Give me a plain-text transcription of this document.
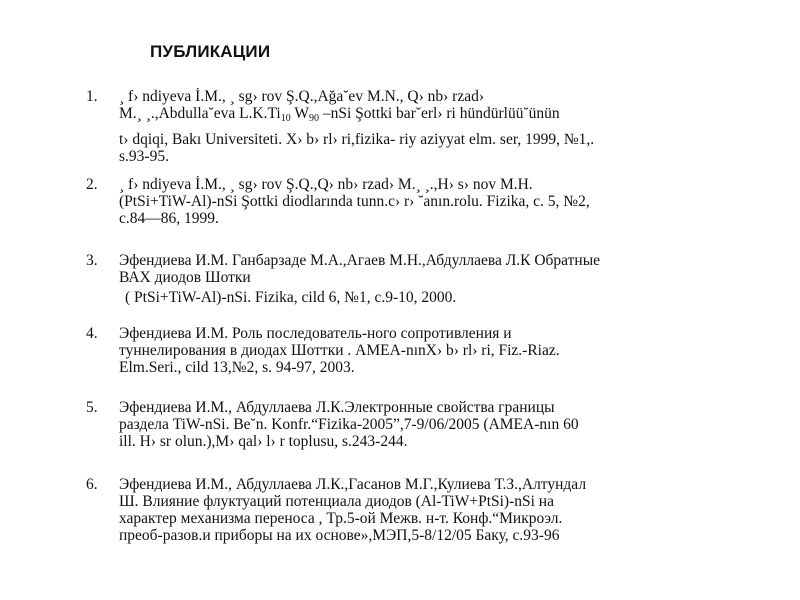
ПУБЛИКАЦИИ
1.	¸ f› ndiyeva İ.M., ¸ sg› rov Ş.Q.,Ağa˘ev M.N., Q› nb› rzad›
M.¸ ¸.,Abdulla˘eva $L.K.Ti_{10}$ $W_{90}$ –nSi Şottki bar˘erl› ri hündürlüü˘ünün
t› dqiqi, Bakı Universiteti. X› b› rl› ri,fizika- riy aziyyat elm. ser, 1999, №1,.
s.93-95.
2.	¸ f› ndiyeva İ.M., ¸ sg› rov Ş.Q.,Q› nb› rzad› M.¸ ¸.,H› s› nov M.H.
(PtSi+TiW-Al)-nSi Şottki diodlarında tunn.c› r› ˘anın.rolu. Fizika, c. 5, №2,
с.84—86, 1999.
3.	Эфендиева И.М. Ганбарзаде М.А.,Агаев М.Н.,Абдуллаева Л.К Обратные
ВАХ диодов Шотки
( PtSi+TiW-Al)-nSi. Fizika, cild 6, №1, c.9-10, 2000.
4.	Эфендиева И.М. Роль последователь-ного сопротивления и
туннелирования в диодах Шоттки . AMEA-nınX› b› rl› ri, Fiz.-Riaz.
Elm.Seri., cild 13,№2, s. 94-97, 2003.
5.	Эфендиева И.М., Абдуллаева Л.К.Электронные свойства границы
раздела TiW-nSi. Be˘n. Konfr.“Fizika-2005”,7-9/06/2005 (AMEA-nın 60
ill. H› sr olun.),M› qal› l› r toplusu, s.243-244.
6.	Эфендиева И.М., Абдуллаева Л.К.,Гасанов М.Г.,Кулиева Т.З.,Алтундал
Ш. Влияние флуктуаций потенциала диодов (Al-TiW+PtSi)-nSi на
характер механизма переноса , Тр.5-ой Межв. н-т. Конф.“Микроэл.
преоб-разов.и приборы на их основе»,МЭП,5-8/12/05 Баку, с.93-96
